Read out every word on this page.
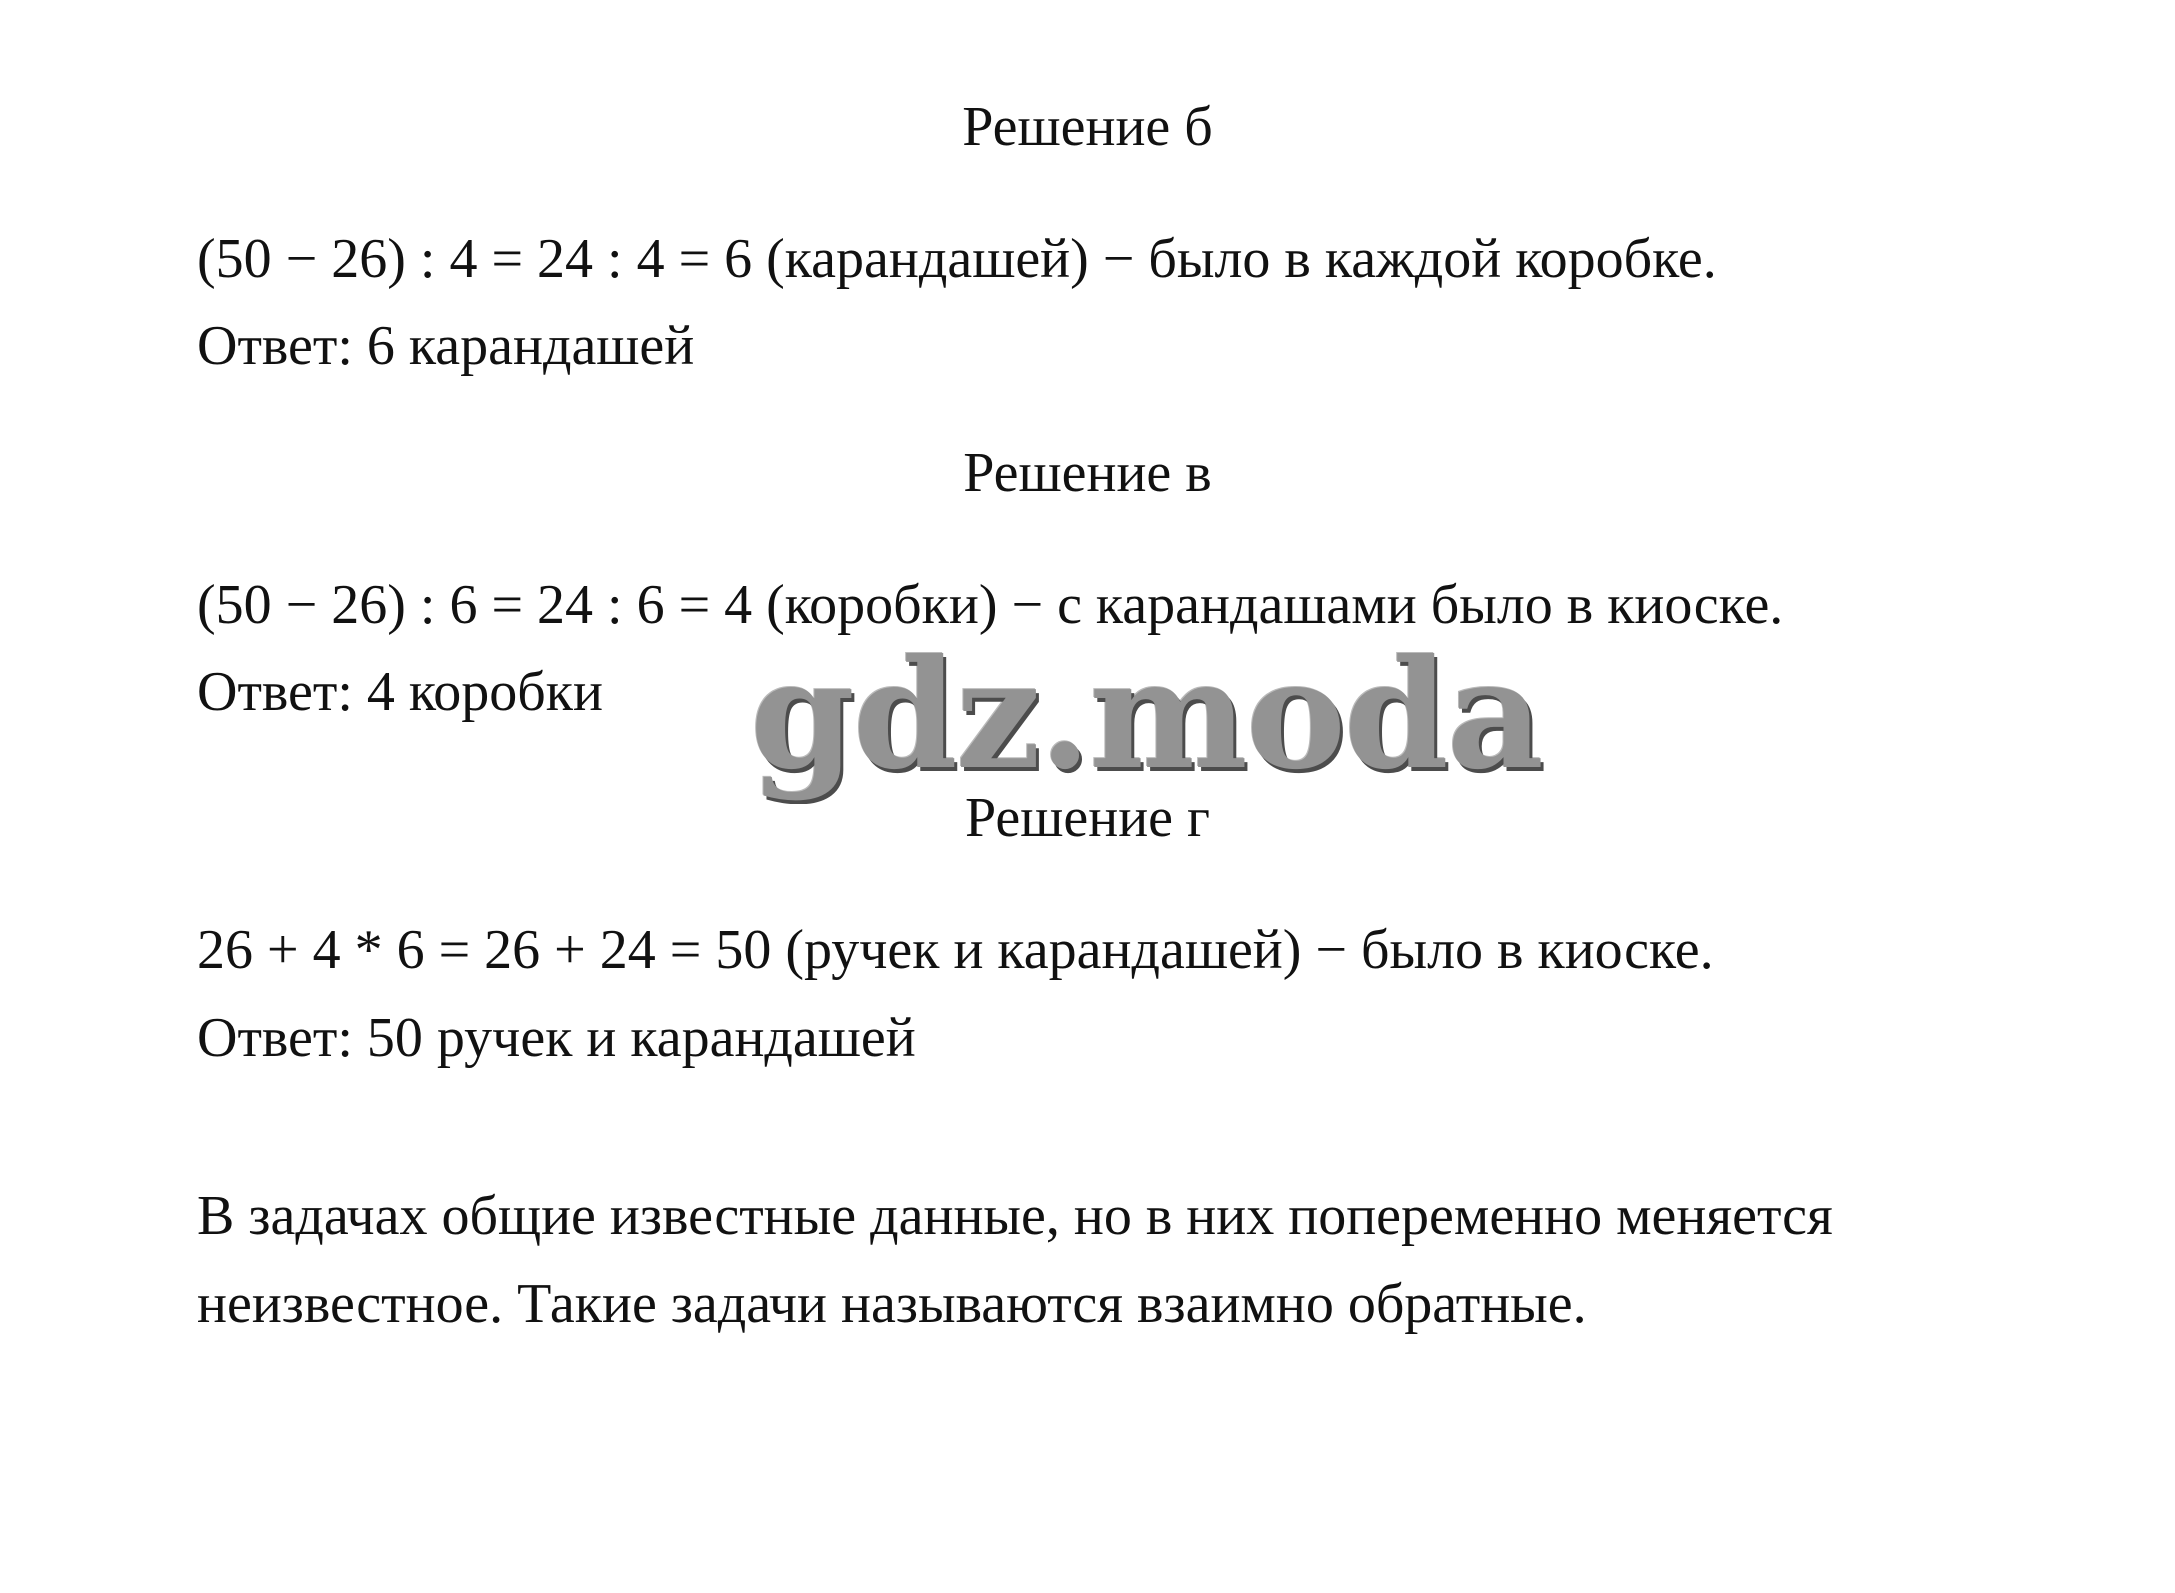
Решение б
(50 − 26) : 4 = 24 : 4 = 6 (карандашей) − было в каждой коробке.
Ответ: 6 карандашей
Решение в
(50 − 26) : 6 = 24 : 6 = 4 (коробки) − с карандашами было в киоске.
Ответ: 4 коробки
Решение г
26 + 4 * 6 = 26 + 24 = 50 (ручек и карандашей) − было в киоске.
Ответ: 50 ручек и карандашей
В задачах общие известные данные, но в них попеременно меняется
неизвестное. Такие задачи называются взаимно обратные.
gdz.moda
